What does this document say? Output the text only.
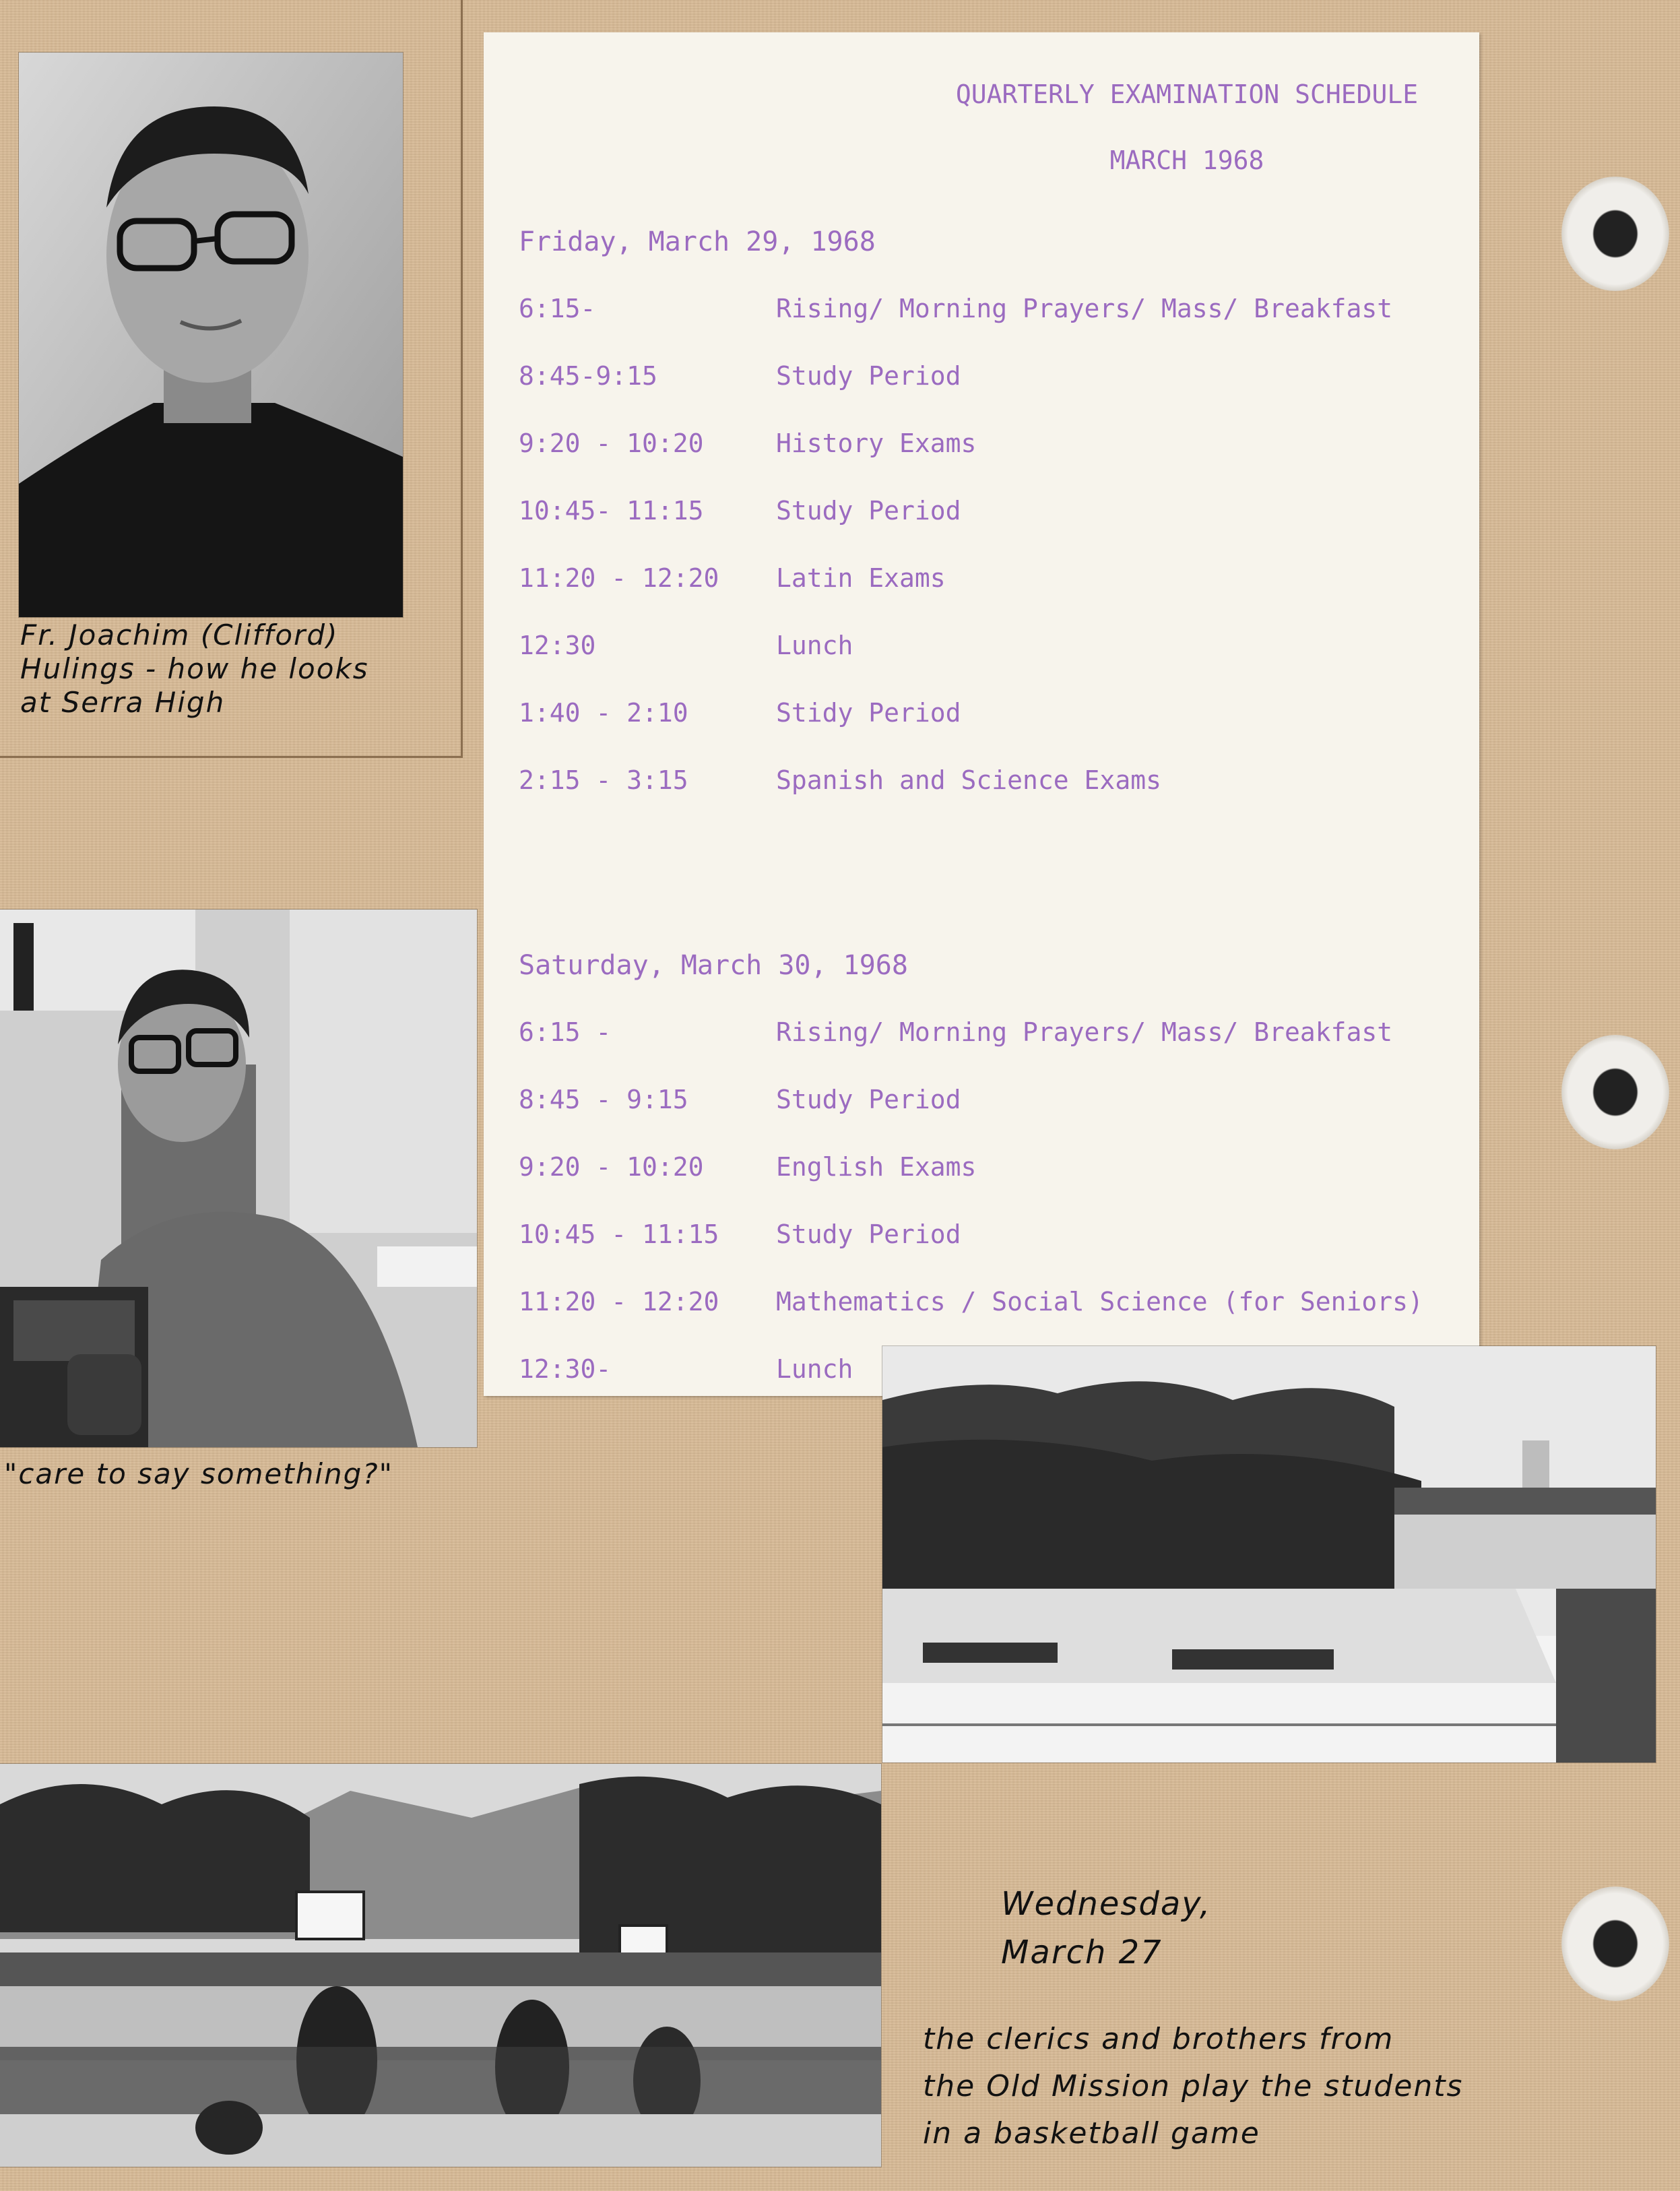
Fr. Joachim (Clifford)
Hulings - how he looks
at Serra High
QUARTERLY EXAMINATION SCHEDULE
MARCH 1968
Friday, March 29, 1968
6:15-	Rising/ Morning Prayers/ Mass/ Breakfast
8:45-9:15	Study Period
9:20 - 10:20	History Exams
10:45- 11:15	Study Period
11:20 - 12:20 Latin Exams
12:30	Lunch
1:40 - 2:10	Stidy Period
2:15 - 3:15	Spanish and Science Exams
Saturday, March 30, 1968
6:15 -	Rising/ Morning Prayers/ Mass/ Breakfast
8:45 - 9:15	Study Period
9:20 - 10:20	English Exams
10:45 - 11:15 Study Period
11:20 - 12:20 Mathematics / Social Science (for Seniors)
12:30-	Lunch
"care to say something?"
Wednesday,
March 27
the clerics and brothers from
the Old Mission play the students
in a basketball game
